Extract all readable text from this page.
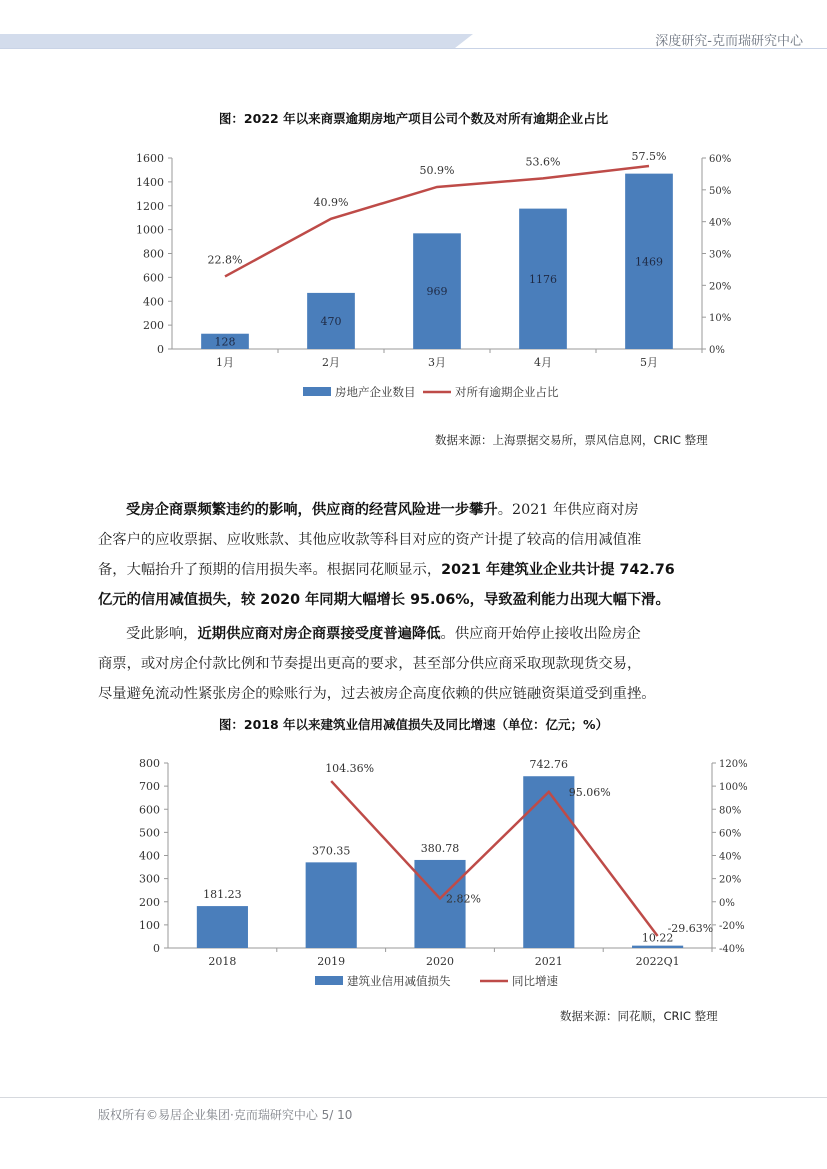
深度研究-克而瑞研究中心
图：2022 年以来商票逾期房地产项目公司个数及对所有逾期企业占比
0
200
400
600
800
1000
1200
1400
1600
0%
10%
20%
30%
40%
50%
60%
1月
128
2月
470
3月
969
4月
1176
5月
1469
22.8%
40.9%
50.9%
53.6%	57.5%
房地产企业数目	对所有逾期企业占比
数据来源：上海票据交易所，票风信息网，CRIC 整理
受房企商票频繁违约的影响，供应商的经营风险进一步攀升。2021 年供应商对房
企客户的应收票据、应收账款、其他应收款等科目对应的资产计提了较高的信用减值准
备，大幅抬升了预期的信用损失率。根据同花顺显示，2021 年建筑业企业共计提 742.76
亿元的信用减值损失，较 2020 年同期大幅增长 95.06%，导致盈利能力出现大幅下滑。
受此影响，近期供应商对房企商票接受度普遍降低。供应商开始停止接收出险房企
商票，或对房企付款比例和节奏提出更高的要求，甚至部分供应商采取现款现货交易，
尽量避免流动性紧张房企的赊账行为，过去被房企高度依赖的供应链融资渠道受到重挫。
图：2018 年以来建筑业信用减值损失及同比增速（单位：亿元；%）
0
100
200
300
400
500
600
700
800
-40%
-20%
0%
20%
40%
60%
80%
100%
120%
2018
181.23
2019
370.35
2020
380.78
2021
742.76
2022Q1
10.22
104.36%
2.82%
95.06%
-29.63%
建筑业信用减值损失	同比增速
数据来源：同花顺，CRIC 整理
版权所有©易居企业集团·克而瑞研究中心 5/ 10
